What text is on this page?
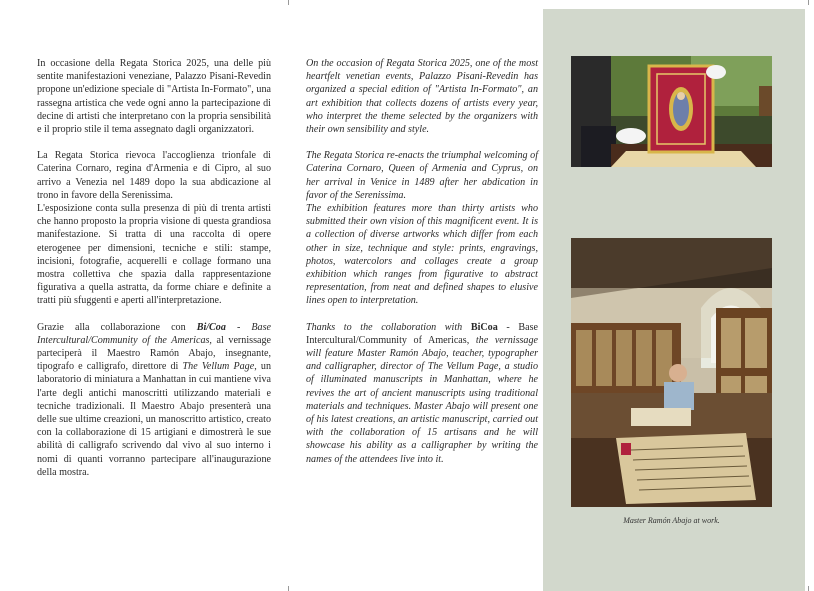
In occasione della Regata Storica 2025, una delle più sentite manifestazioni veneziane, Palazzo Pisani-Revedin propone un'edizione speciale di "Artista In-Formato", una rassegna artistica che vede ogni anno la partecipazione di decine di artisti che interpretano con la propria sensibilità e il proprio stile il tema assegnato dagli organizzatori.

La Regata Storica rievoca l'accoglienza trionfale di Caterina Cornaro, regina d'Armenia e di Cipro, al suo arrivo a Venezia nel 1489 dopo la sua abdicazione al trono in favore della Serenissima.

L'esposizione conta sulla presenza di più di trenta artisti che hanno proposto la propria visione di questa grandiosa manifestazione. Si tratta di una raccolta di opere eterogenee per dimensioni, tecniche e stili: stampe, incisioni, fotografie, acquerelli e collage formano una mostra collettiva che spazia dalla rappresentazione figurativa a quella astratta, da forme chiare e definite a tratti più sfuggenti e aperti all'interpretazione.

Grazie alla collaborazione con Bi/Coa - Base Intercultural/Community of the Americas, al vernissage parteciperà il Maestro Ramón Abajo, insegnante, tipografo e calligrafo, direttore di The Vellum Page, un laboratorio di miniatura a Manhattan in cui mantiene viva l'arte degli antichi manoscritti utilizzando materiali e tecniche tradizionali. Il Maestro Abajo presenterà una delle sue ultime creazioni, un manoscritto artistico, creato con la collaborazione di 15 artigiani e dimostrerà le sue abilità di calligrafo scrivendo dal vivo al suo interno i nomi di quanti vorranno partecipare all'inaugurazione della mostra.

On the occasion of Regata Storica 2025, one of the most heartfelt venetian events, Palazzo Pisani-Revedin has organized a special edition of "Artista In-Formato", an art exhibition that collects dozens of artists every year, who interpret the theme selected by the organizers with their own sensibility and style.

The Regata Storica re-enacts the triumphal welcoming of Caterina Cornaro, Queen of Armenia and Cyprus, on her arrival in Venice in 1489 after her abdication in favor of the Serenissima.

The exhibition features more than thirty artists who submitted their own vision of this magnificent event. It is a collection of diverse artworks which differ from each other in size, technique and style: prints, engravings, photos, watercolors and collages create a group exhibition which ranges from figurative to abstract representation, from neat and defined shapes to elusive lines open to interpretation.

Thanks to the collaboration with BiCoa - Base Intercultural/Community of Americas, the vernissage will feature Master Ramón Abajo, teacher, typographer and calligrapher, director of The Vellum Page, a studio of illuminated manuscripts in Manhattan, where he revives the art of ancient manuscripts using traditional materials and techniques. Master Abajo will present one of his latest creations, an artistic manuscript, carried out with the collaboration of 15 artisans and he will showcase his ability as a calligrapher by writing the names of the attendees live into it.

Master Ramón Abajo at work.
